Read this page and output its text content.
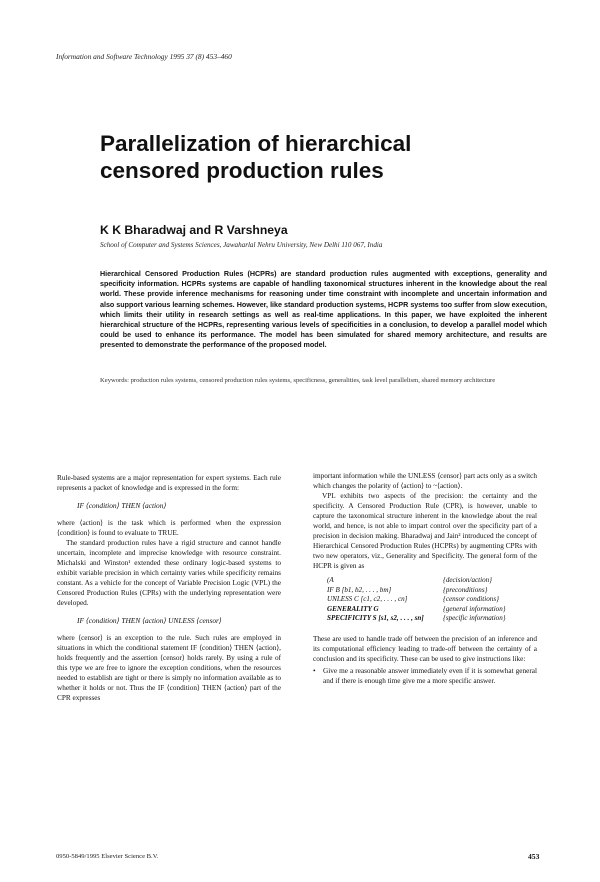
Information and Software Technology 1995 37 (8) 453–460
Parallelization of hierarchical
censored production rules
K K Bharadwaj and R Varshneya
School of Computer and Systems Sciences, Jawaharlal Nehru University, New Delhi 110 067, India

Hierarchical Censored Production Rules (HCPRs) are standard production rules augmented with exceptions, generality and specificity information. HCPRs systems are capable of handling taxonomical structures inherent in the knowledge about the real world. These provide inference mechanisms for reasoning under time constraint with incomplete and uncertain information and also support various learning schemes. However, like standard production systems, HCPR systems too suffer from slow execution, which limits their utility in research settings as well as real-time applications. In this paper, we have exploited the inherent hierarchical structure of the HCPRs, representing various levels of specificities in a conclusion, to develop a parallel model which could be used to enhance its performance. The model has been simulated for shared memory architecture, and results are presented to demonstrate the performance of the proposed model.

Keywords: production rules systems, censored production rules systems, specificness, generalities, task level parallelism, shared memory architecture

Rule-based systems are a major representation for expert systems. Each rule represents a packet of knowledge and is expressed in the form:

IF ⟨condition⟩ THEN ⟨action⟩

where ⟨action⟩ is the task which is performed when the expression ⟨condition⟩ is found to evaluate to TRUE.

The standard production rules have a rigid structure and cannot handle uncertain, incomplete and imprecise knowledge with resource constraint. Michalski and Winston¹ extended these ordinary logic-based systems to exhibit variable precision in which certainty varies while specificity remains constant. As a vehicle for the concept of Variable Precision Logic (VPL) the Censored Production Rules (CPRs) with the underlying representation were developed.

IF ⟨condition⟩ THEN ⟨action⟩ UNLESS ⟨censor⟩

where ⟨censor⟩ is an exception to the rule. Such rules are employed in situations in which the conditional statement IF ⟨condition⟩ THEN ⟨action⟩, holds frequently and the assertion ⟨censor⟩ holds rarely. By using a rule of this type we are free to ignore the exception conditions, when the resources needed to establish are tight or there is simply no information available as to whether it holds or not. Thus the IF ⟨condition⟩ THEN ⟨action⟩ part of the CPR expresses

important information while the UNLESS ⟨censor⟩ part acts only as a switch which changes the polarity of ⟨action⟩ to ~⟨action⟩.

VPL exhibits two aspects of the precision: the certainty and the specificity. A Censored Production Rule (CPR), is however, unable to capture the taxonomical structure inherent in the knowledge about the real world, and hence, is not able to impart control over the specificity part of a precision in decision making. Bharadwaj and Jain² introduced the concept of Hierarchical Censored Production Rules (HCPRs) by augmenting CPRs with two new operators, viz., Generality and Specificity. The general form of the HCPR is given as

(A	{decision/action}
IF B [b1, b2, . . . , bm]	{preconditions}
UNLESS C [c1, c2, . . . , cn]	{censor conditions}
GENERALITY G	{general information}
SPECIFICITY S [s1, s2, . . . , sn]	{specific information}

These are used to handle trade off between the precision of an inference and its computational efficiency leading to trade-off between the certainty of a conclusion and its specificity. These can be used to give instructions like:

• Give me a reasonable answer immediately even if it is somewhat general and if there is enough time give me a more specific answer.
0950-5849/1995 Elsevier Science B.V.	453
